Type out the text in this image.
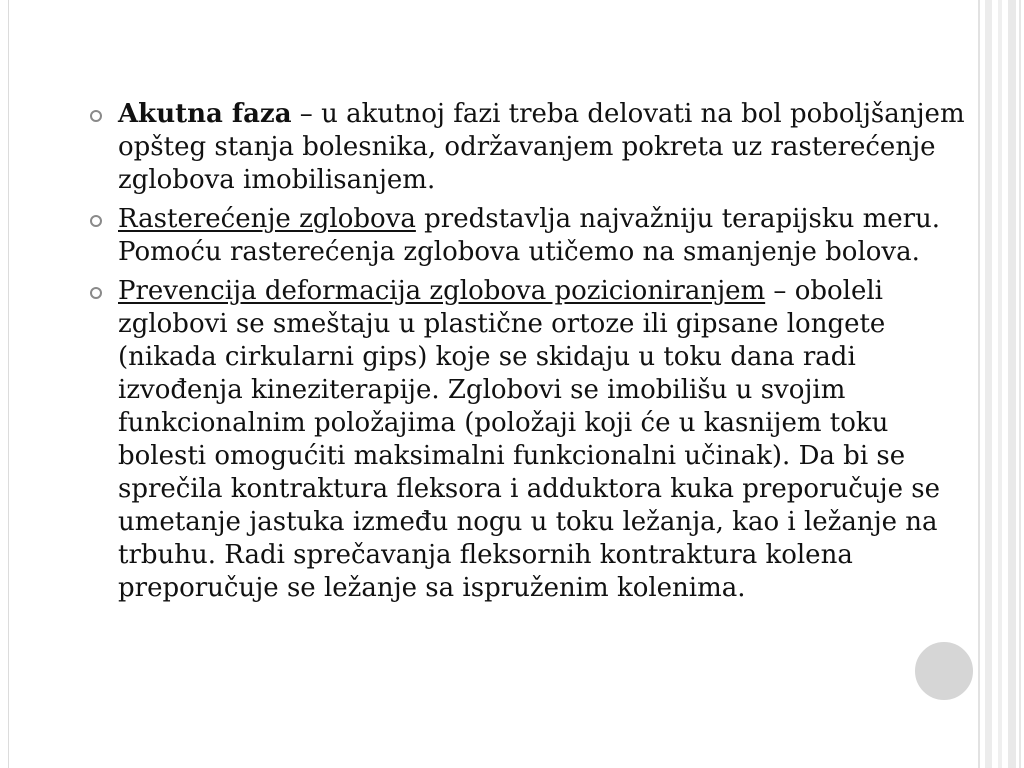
Akutna faza – u akutnoj fazi treba delovati na bol poboljšanjem opšteg stanja bolesnika, održavanjem pokreta uz rasterećenje zglobova imobilisanjem.
Rasterećenje zglobova predstavlja najvažniju terapijsku meru. Pomoću rasterećenja zglobova utičemo na smanjenje bolova.
Prevencija deformacija zglobova pozicioniranjem – oboleli zglobovi se smeštaju u plastične ortoze ili gipsane longete (nikada cirkularni gips) koje se skidaju u toku dana radi izvođenja kineziterapije. Zglobovi se imobilišu u svojim funkcionalnim položajima (položaji koji će u kasnijem toku bolesti omogućiti maksimalni funkcionalni učinak). Da bi se sprečila kontraktura fleksora i adduktora kuka preporučuje se umetanje jastuka između nogu u toku ležanja, kao i ležanje na trbuhu. Radi sprečavanja fleksornih kontraktura kolena preporučuje se ležanje sa ispruženim kolenima.
